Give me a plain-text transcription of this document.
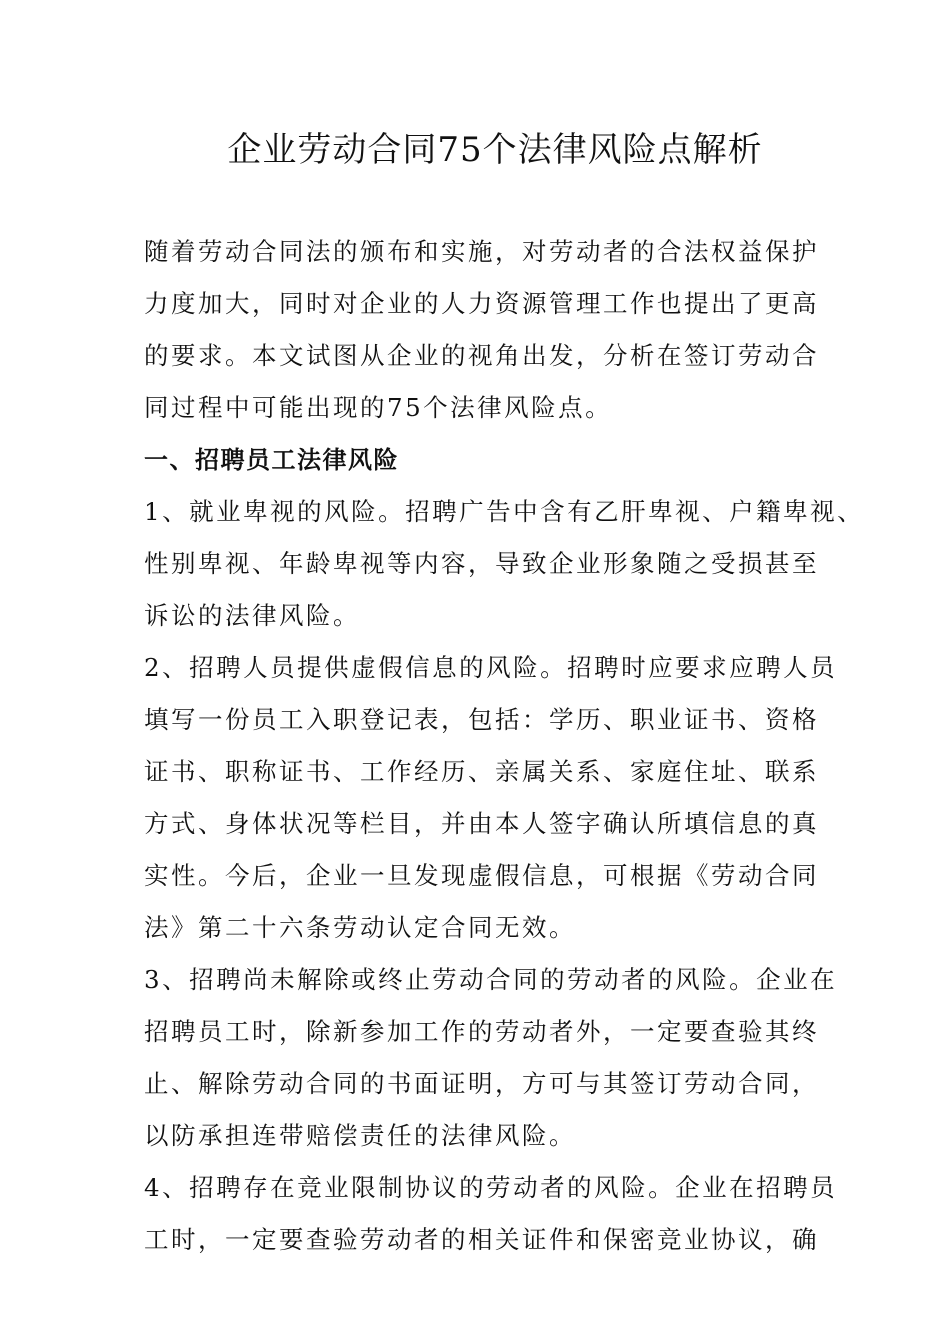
企业劳动合同75个法律风险点解析
随着劳动合同法的颁布和实施，对劳动者的合法权益保护
力度加大，同时对企业的人力资源管理工作也提出了更高
的要求。本文试图从企业的视角出发，分析在签订劳动合
同过程中可能出现的75个法律风险点。
一、招聘员工法律风险
1、就业卑视的风险。招聘广告中含有乙肝卑视、户籍卑视、
性别卑视、年龄卑视等内容，导致企业形象随之受损甚至
诉讼的法律风险。
2、招聘人员提供虚假信息的风险。招聘时应要求应聘人员
填写一份员工入职登记表，包括：学历、职业证书、资格
证书、职称证书、工作经历、亲属关系、家庭住址、联系
方式、身体状况等栏目，并由本人签字确认所填信息的真
实性。今后，企业一旦发现虚假信息，可根据《劳动合同
法》第二十六条劳动认定合同无效。
3、招聘尚未解除或终止劳动合同的劳动者的风险。企业在
招聘员工时，除新参加工作的劳动者外，一定要查验其终
止、解除劳动合同的书面证明，方可与其签订劳动合同，
以防承担连带赔偿责任的法律风险。
4、招聘存在竞业限制协议的劳动者的风险。企业在招聘员
工时，一定要查验劳动者的相关证件和保密竞业协议，确
